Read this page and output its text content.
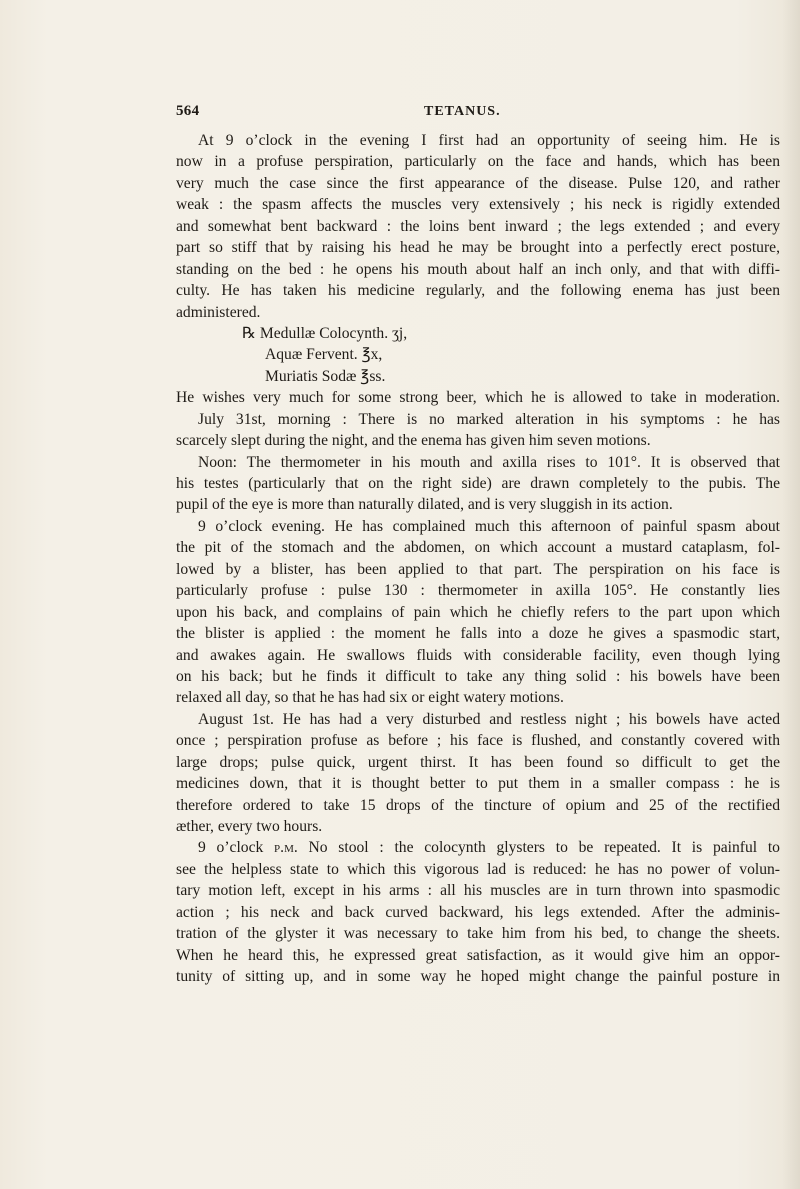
564	TETANUS.
At 9 o’clock in the evening I first had an opportunity of seeing him. He is
now in a profuse perspiration, particularly on the face and hands, which has been
very much the case since the first appearance of the disease. Pulse 120, and rather
weak : the spasm affects the muscles very extensively ; his neck is rigidly extended
and somewhat bent backward : the loins bent inward ; the legs extended ; and every
part so stiff that by raising his head he may be brought into a perfectly erect posture,
standing on the bed : he opens his mouth about half an inch only, and that with diffi-
culty. He has taken his medicine regularly, and the following enema has just been
administered.
℞ Medullæ Colocynth. ʒj,
Aquæ Fervent. ℥x,
Muriatis Sodæ ℥ss.
He wishes very much for some strong beer, which he is allowed to take in moderation.
July 31st, morning : There is no marked alteration in his symptoms : he has
scarcely slept during the night, and the enema has given him seven motions.
Noon: The thermometer in his mouth and axilla rises to 101°. It is observed that
his testes (particularly that on the right side) are drawn completely to the pubis. The
pupil of the eye is more than naturally dilated, and is very sluggish in its action.
9 o’clock evening. He has complained much this afternoon of painful spasm about
the pit of the stomach and the abdomen, on which account a mustard cataplasm, fol-
lowed by a blister, has been applied to that part. The perspiration on his face is
particularly profuse : pulse 130 : thermometer in axilla 105°. He constantly lies
upon his back, and complains of pain which he chiefly refers to the part upon which
the blister is applied : the moment he falls into a doze he gives a spasmodic start,
and awakes again. He swallows fluids with considerable facility, even though lying
on his back; but he finds it difficult to take any thing solid : his bowels have been
relaxed all day, so that he has had six or eight watery motions.
August 1st. He has had a very disturbed and restless night ; his bowels have acted
once ; perspiration profuse as before ; his face is flushed, and constantly covered with
large drops; pulse quick, urgent thirst. It has been found so difficult to get the
medicines down, that it is thought better to put them in a smaller compass : he is
therefore ordered to take 15 drops of the tincture of opium and 25 of the rectified
æther, every two hours.
9 o’clock p.m. No stool : the colocynth glysters to be repeated. It is painful to
see the helpless state to which this vigorous lad is reduced: he has no power of volun-
tary motion left, except in his arms : all his muscles are in turn thrown into spasmodic
action ; his neck and back curved backward, his legs extended. After the adminis-
tration of the glyster it was necessary to take him from his bed, to change the sheets.
When he heard this, he expressed great satisfaction, as it would give him an oppor-
tunity of sitting up, and in some way he hoped might change the painful posture in
